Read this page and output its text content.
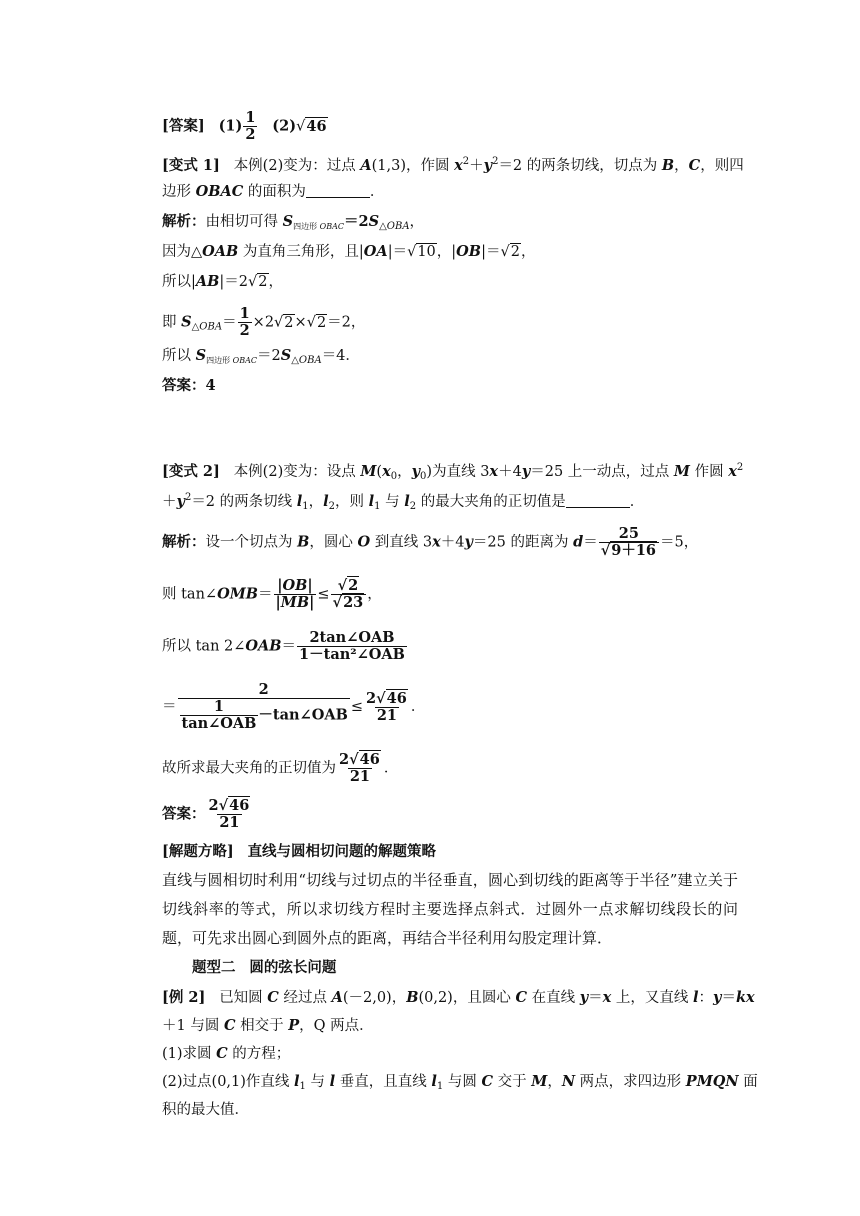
[答案] $(1) \frac{1}{2} (2)√46$
[变式 1] 本例(2)变为：过点 A(1,3)，作圆 $x^2+y^2=2$ 的两条切线，切点为 B，C，则四
边形 OBAC 的面积为	．
解析：由相切可得 $S_{四边形 OBAC}=2S_{\triangle OBA}$，
因为△OAB 为直角三角形，且|OA|＝√10，|OB|＝√2，
所以|AB|＝2√2，
即 $S_{\triangle OBA}= \frac{1}{2} \times 2√2\times√2=2$，
所以 $S_{四边形 OBAC}=2S_{\triangle OBA}=4$．
答案：4
[变式 2] 本例(2)变为：设点 $M(x_0$，$y_0$)为直线 3x＋4y＝25 上一动点，过点 M 作圆 $x^2$
$+y^2=2$ 的两条切线 $l_1$，$l_2$，则 $l_1$ 与 $l_2$ 的最大夹角的正切值是	．
解析：设一个切点为 B，圆心 O 到直线 3x＋4y＝25 的距离为 $d= \frac{25}{√9+16} =5$，
则 tan∠OMB＝ $\frac{|OB|}{|MB|} \le \frac{√2}{√23}$ ，
所以 tan 2∠OAB＝ $\frac{\text{2tan∠OAB}}{\text{1－tan²∠OAB}}$
＝ $\frac{2}{\frac{1}{\text{tan∠OAB}} -\tan\angle OAB} \le \frac{2√46}{21}$ ．
故所求最大夹角的正切值为 $\frac{2√46}{21}$ ．
答案： $\frac{2√46}{21}$
[解题方略] 直线与圆相切问题的解题策略
直线与圆相切时利用“切线与过切点的半径垂直，圆心到切线的距离等于半径”建立关于切线斜率的等式，所以求切线方程时主要选择点斜式．过圆外一点求解切线段长的问题，可先求出圆心到圆外点的距离，再结合半径利用勾股定理计算．
题型二 圆的弦长问题
[例 2] 已知圆 C 经过点 A(－2,0)，B(0,2)，且圆心 C 在直线 y＝x 上，又直线 l：y＝kx
＋1 与圆 C 相交于 P，Q 两点．
(1)求圆 C 的方程；
(2)过点(0,1)作直线 $l_1$ 与 l 垂直，且直线 $l_1$ 与圆 C 交于 M，N 两点，求四边形 PMQN 面
积的最大值．
